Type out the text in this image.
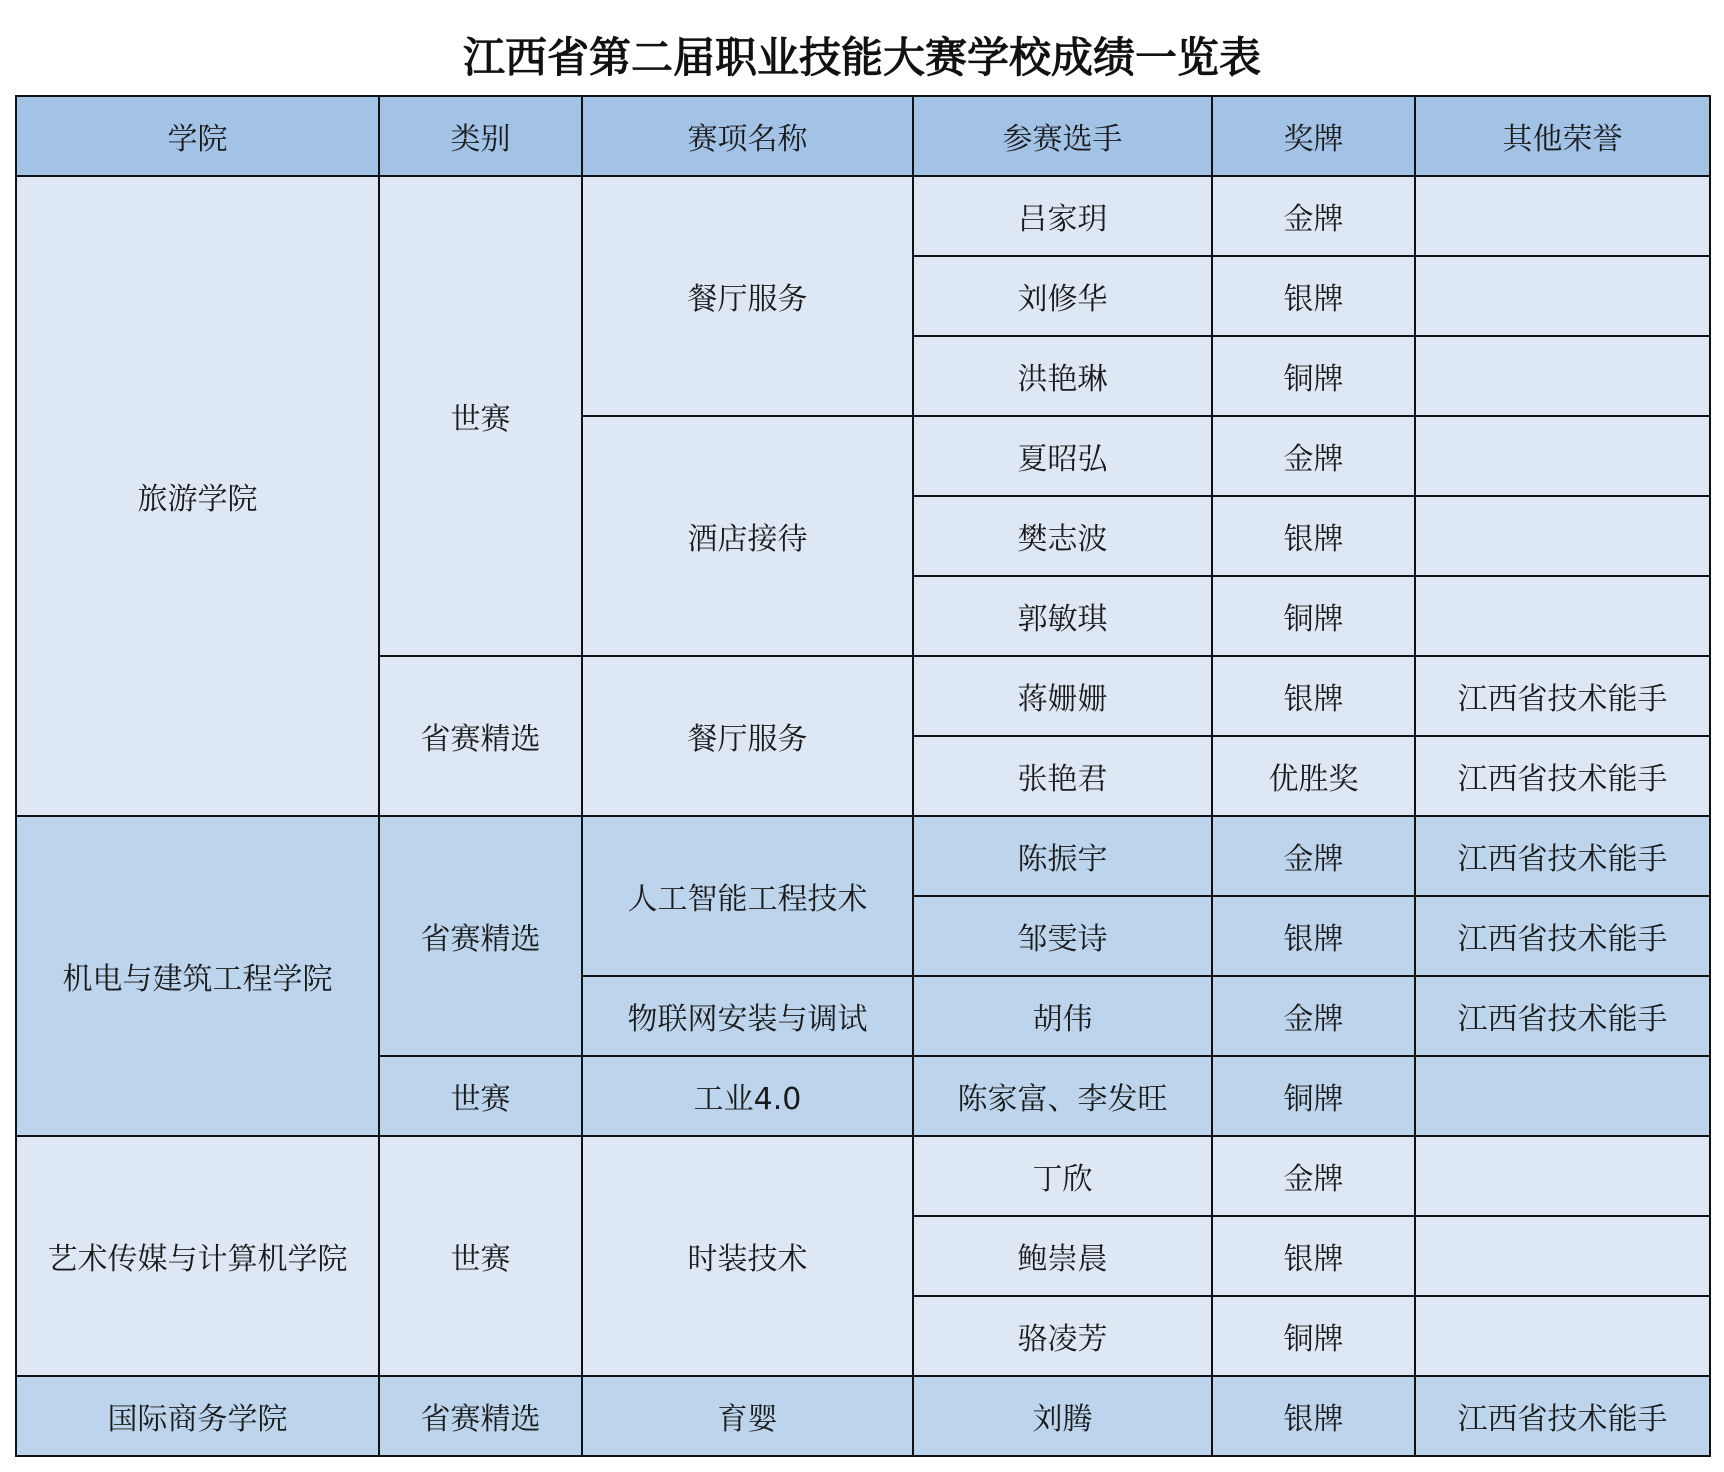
江西省第二届职业技能大赛学校成绩一览表
学院	类别	赛项名称	参赛选手	奖牌	其他荣誉
旅游学院	世赛	餐厅服务	吕家玥	金牌	
			刘修华	银牌	
			洪艳琳	铜牌	
		酒店接待	夏昭弘	金牌	
			樊志波	银牌	
			郭敏琪	铜牌	
	省赛精选	餐厅服务	蒋姗姗	银牌	江西省技术能手
			张艳君	优胜奖	江西省技术能手
机电与建筑工程学院	省赛精选	人工智能工程技术	陈振宇	金牌	江西省技术能手
			邹雯诗	银牌	江西省技术能手
		物联网安装与调试	胡伟	金牌	江西省技术能手
	世赛	工业4.0	陈家富、李发旺	铜牌	
艺术传媒与计算机学院	世赛	时装技术	丁欣	金牌	
			鲍崇晨	银牌	
			骆凌芳	铜牌	
国际商务学院	省赛精选	育婴	刘腾	银牌	江西省技术能手
